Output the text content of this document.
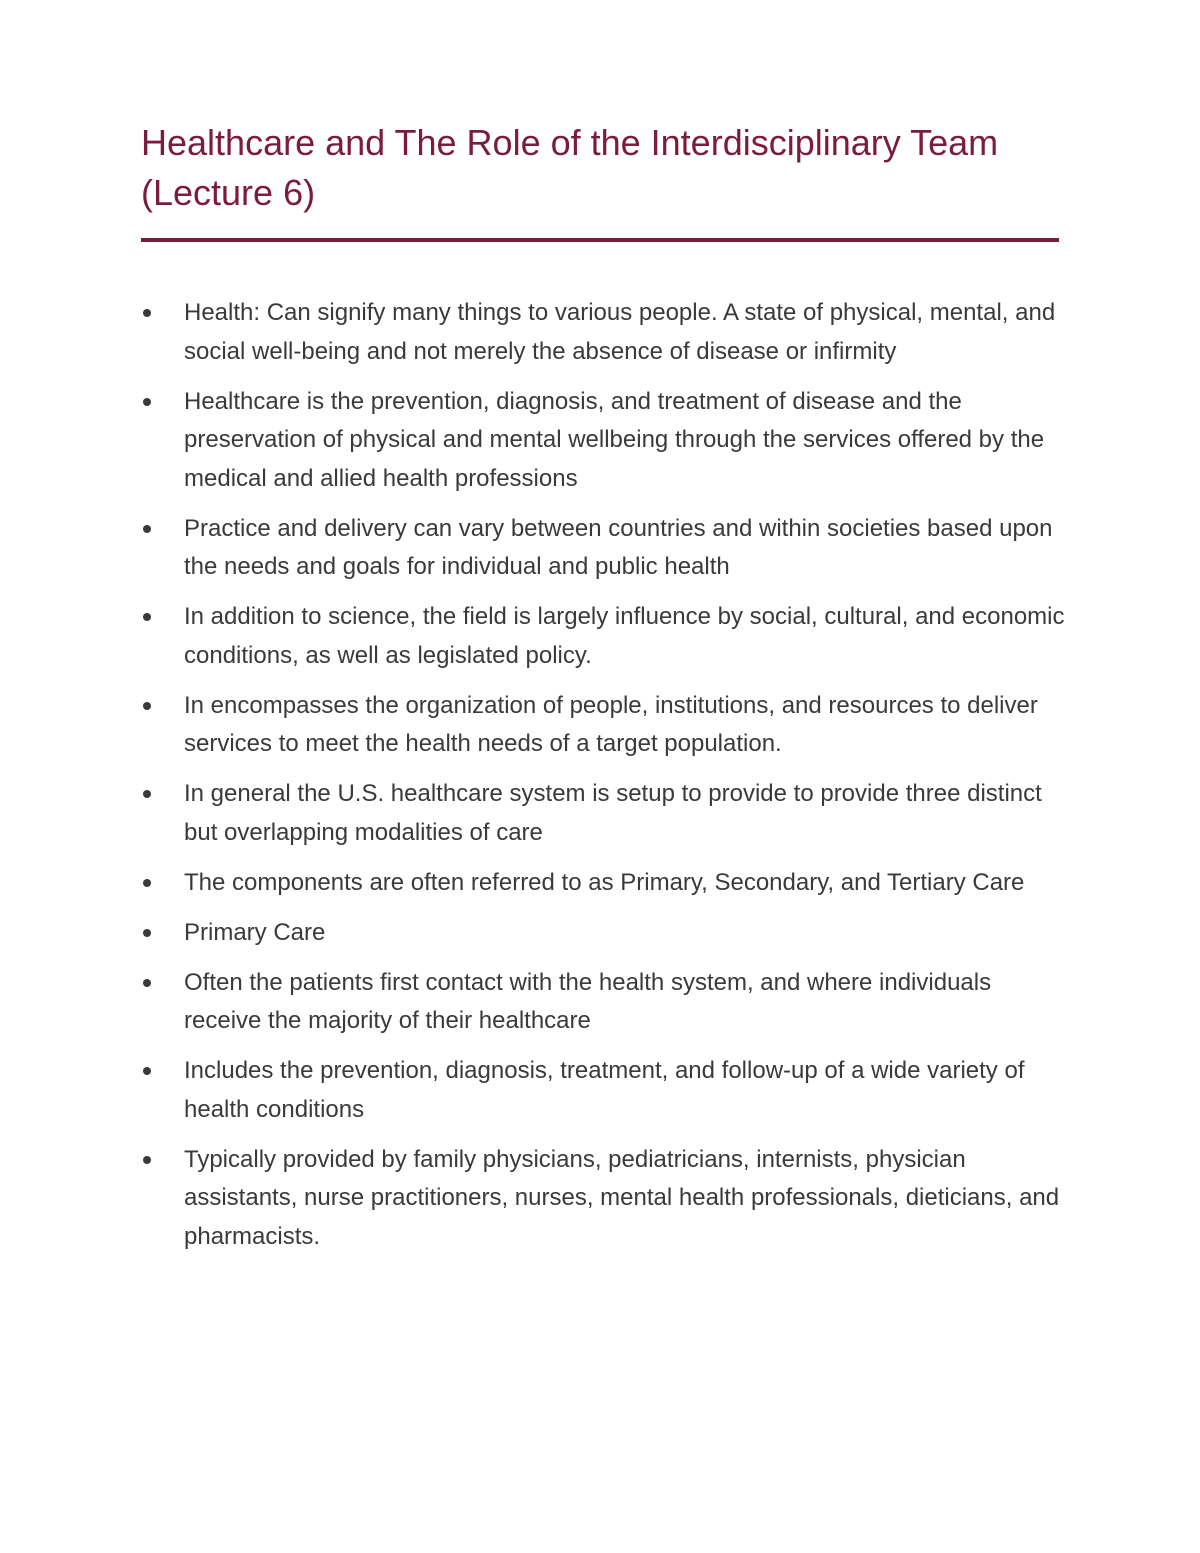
Healthcare and The Role of the Interdisciplinary Team (Lecture 6)
Health: Can signify many things to various people. A state of physical, mental, and social well-being and not merely the absence of disease or infirmity
Healthcare is the prevention, diagnosis, and treatment of disease and the preservation of physical and mental wellbeing through the services offered by the medical and allied health professions
Practice and delivery can vary between countries and within societies based upon the needs and goals for individual and public health
In addition to science, the field is largely influence by social, cultural, and economic conditions, as well as legislated policy.
In encompasses the organization of people, institutions, and resources to deliver services to meet the health needs of a target population.
In general the U.S. healthcare system is setup to provide to provide three distinct but overlapping modalities of care
The components are often referred to as Primary, Secondary, and Tertiary Care
Primary Care
Often the patients first contact with the health system, and where individuals receive the majority of their healthcare
Includes the prevention, diagnosis, treatment, and follow-up of a wide variety of health conditions
Typically provided by family physicians, pediatricians, internists, physician assistants, nurse practitioners, nurses, mental health professionals, dieticians, and pharmacists.
